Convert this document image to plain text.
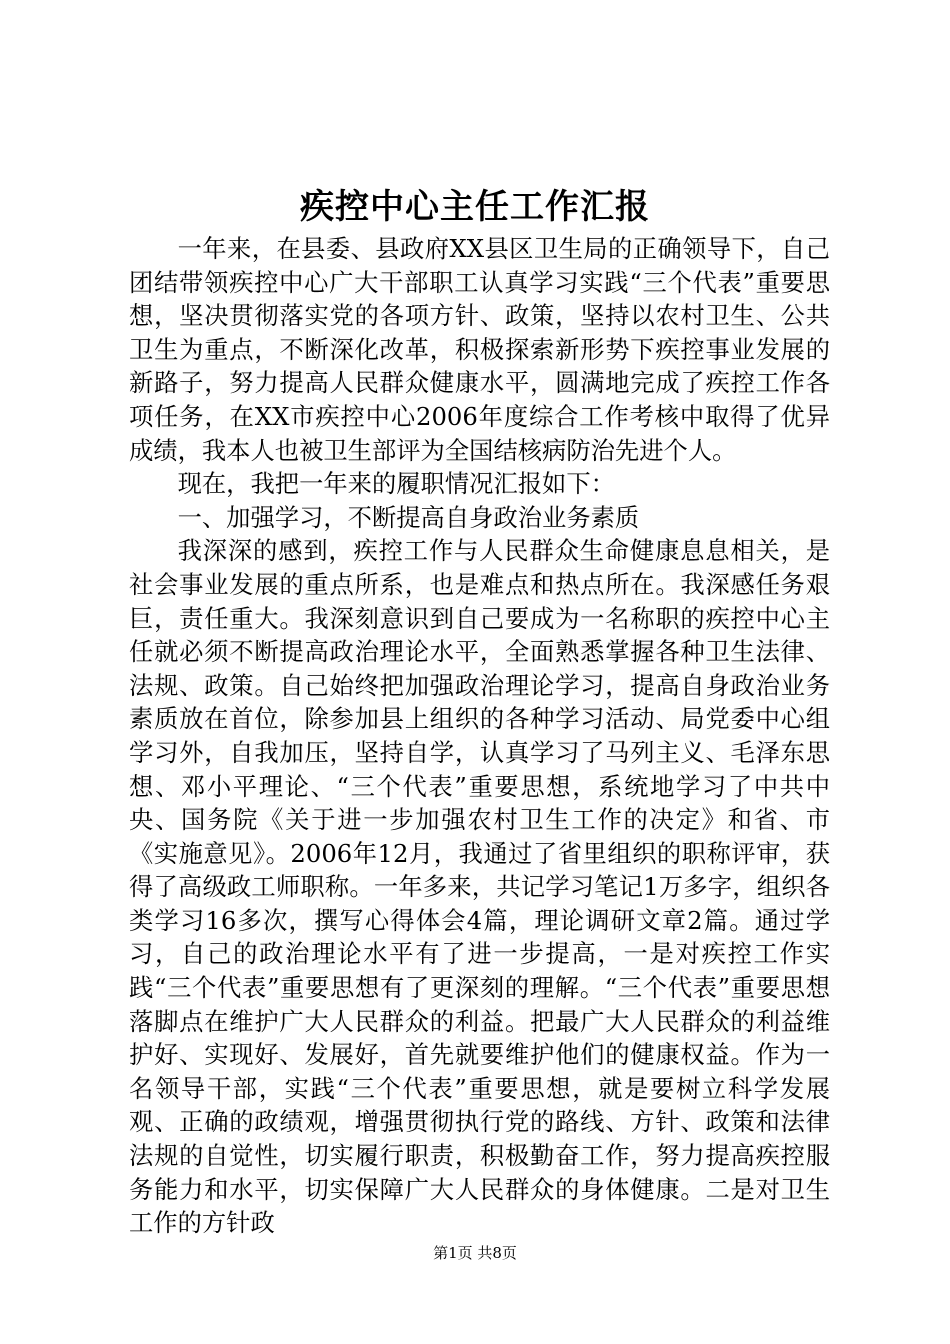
疾控中心主任工作汇报

一年来，在县委、县政府XX县区卫生局的正确领导下，自己团结带领疾控中心广大干部职工认真学习实践“三个代表”重要思想，坚决贯彻落实党的各项方针、政策，坚持以农村卫生、公共卫生为重点，不断深化改革，积极探索新形势下疾控事业发展的新路子，努力提高人民群众健康水平，圆满地完成了疾控工作各项任务，在XX市疾控中心2006年度综合工作考核中取得了优异成绩，我本人也被卫生部评为全国结核病防治先进个人。

现在，我把一年来的履职情况汇报如下：

一、加强学习，不断提高自身政治业务素质

我深深的感到，疾控工作与人民群众生命健康息息相关，是社会事业发展的重点所系，也是难点和热点所在。我深感任务艰巨，责任重大。我深刻意识到自己要成为一名称职的疾控中心主任就必须不断提高政治理论水平，全面熟悉掌握各种卫生法律、法规、政策。自己始终把加强政治理论学习，提高自身政治业务素质放在首位，除参加县上组织的各种学习活动、局党委中心组学习外，自我加压，坚持自学，认真学习了马列主义、毛泽东思想、邓小平理论、“三个代表”重要思想，系统地学习了中共中央、国务院《关于进一步加强农村卫生工作的决定》和省、市《实施意见》。2006年12月，我通过了省里组织的职称评审，获得了高级政工师职称。一年多来，共记学习笔记1万多字，组织各类学习16多次，撰写心得体会4篇，理论调研文章2篇。通过学习，自己的政治理论水平有了进一步提高，一是对疾控工作实践“三个代表”重要思想有了更深刻的理解。“三个代表”重要思想落脚点在维护广大人民群众的利益。把最广大人民群众的利益维护好、实现好、发展好，首先就要维护他们的健康权益。作为一名领导干部，实践“三个代表”重要思想，就是要树立科学发展观、正确的政绩观，增强贯彻执行党的路线、方针、政策和法律法规的自觉性，切实履行职责，积极勤奋工作，努力提高疾控服务能力和水平，切实保障广大人民群众的身体健康。二是对卫生工作的方针政

第1页 共8页
